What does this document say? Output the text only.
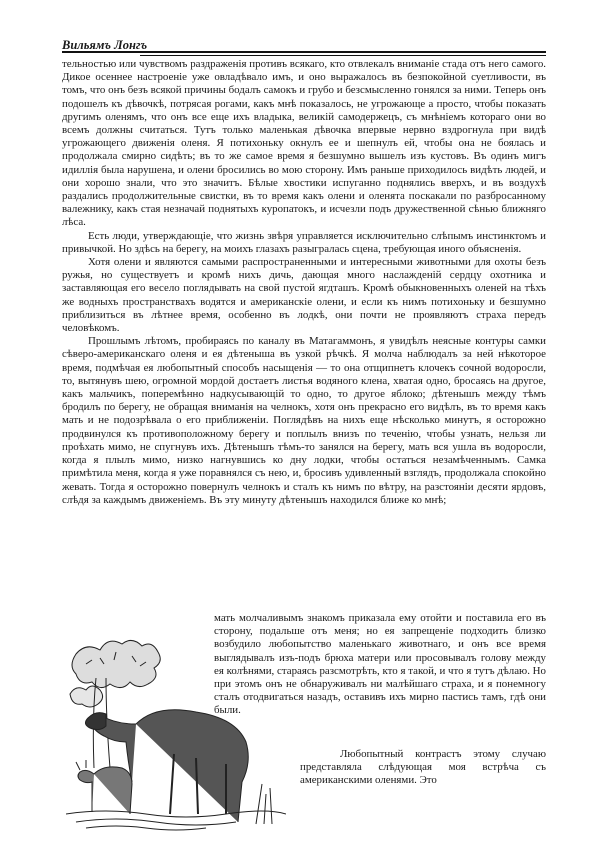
Вильямъ Лонгъ

тельностью или чувствомъ раздраженія противъ всякаго, кто отвлекалъ вниманіе стада отъ него самого. Дикое осеннее настроеніе уже овладѣвало имъ, и оно выражалось въ безпокойной суетливости, въ томъ, что онъ безъ всякой причины бодалъ самокъ и грубо и безсмысленно гонялся за ними. Теперь онъ подошелъ къ дѣвочкѣ, потрясая рогами, какъ мнѣ показалось, не угрожающе а просто, чтобы показать другимъ оленямъ, что онъ все еще ихъ владыка, великій самодержецъ, съ мнѣніемъ котораго они во всемъ должны считаться. Тутъ только маленькая дѣвочка впервые нервно вздрогнула при видѣ угрожающего движенія оленя. Я потихоньку окнулъ ее и шепнулъ ей, чтобы она не боялась и продолжала смирно сидѣть; въ то же самое время я безшумно вышелъ изъ кустовъ. Въ одинъ мигъ идиллія была нарушена, и олени бросились во мою сторону. Имъ раньше приходилось видѣть людей, и они хорошо знали, что это значитъ. Бѣлые хвостики испуганно поднялись вверхъ, и въ воздухѣ раздались продолжительные свистки, въ то время какъ олени и оленята поскакали по разбросанному валежнику, какъ стая незначай поднятыхъ куропатокъ, и исчезли подъ дружественной сѣнью ближняго лѣса.

Есть люди, утверждающіе, что жизнь звѣря управляется исключительно слѣпымъ инстинктомъ и привычкой. Но здѣсь на берегу, на моихъ глазахъ разыгралась сцена, требующая иного объясненія.

Хотя олени и являются самыми распространенными и интересными животными для охоты безъ ружья, но существуетъ и кромѣ нихъ дичь, дающая много наслажденій сердцу охотника и заставляющая его весело поглядывать на свой пустой ягдташъ. Кромѣ обыкновенныхъ оленей на тѣхъ же водныхъ пространствахъ водятся и американскіе олени, и если къ нимъ потихоньку и безшумно приблизиться въ лѣтнее время, особенно въ лодкѣ, они почти не проявляютъ страха передъ человѣкомъ.

Прошлымъ лѣтомъ, пробираясь по каналу въ Матагаммонъ, я увидѣлъ неясные контуры самки сѣверо-американскаго оленя и ея дѣтеныша въ узкой рѣчкѣ. Я молча наблюдалъ за ней нѣкоторое время, подмѣчая ея любопытный способъ насыщенія — то она отщипнетъ клочекъ сочной водоросли, то, вытянувъ шею, огромной мордой достаетъ листья водяного клена, хватая одно, бросаясь на другое, какъ мальчикъ, поперемѣнно надкусывающій то одно, то другое яблоко; дѣтенышъ между тѣмъ бродилъ по берегу, не обращая вниманія на челнокъ, хотя онъ прекрасно его видѣлъ, въ то время какъ мать и не подозрѣвала о его приближеніи. Поглядѣвъ на нихъ еще нѣсколько минутъ, я осторожно продвинулся къ противоположному берегу и поплылъ внизъ по теченію, чтобы узнать, нельзя ли проѣхать мимо, не спугнувъ ихъ. Дѣтенышъ тѣмъ-то занялся на берегу, мать вся ушла въ водоросли, когда я плылъ мимо, низко нагнувшись ко дну лодки, чтобы остаться незамѣченнымъ. Самка примѣтила меня, когда я уже поравнялся съ нею, и, бросивъ удивленный взглядъ, продолжала спокойно жевать. Тогда я осторожно повернулъ челнокъ и сталъ къ нимъ по вѣтру, на разстояніи десяти ярдовъ, слѣдя за каждымъ движеніемъ. Въ эту минуту дѣтенышъ находился ближе ко мнѣ;

мать молчаливымъ знакомъ приказала ему отойти и поставила его въ сторону, подальше отъ меня; но ея запрещеніе подходить близко возбудило любопытство маленькаго животнаго, и онъ все время выглядывалъ изъ-подъ брюха матери или просовывалъ голову между ея колѣнями, стараясь разсмотрѣть, кто я такой, и что я тутъ дѣлаю. Но при этомъ онъ не обнаруживалъ ни малѣйшаго страха, и я понемногу сталъ отодвигаться назадъ, оставивъ ихъ мирно пастись тамъ, гдѣ они были.
Любопытный контрастъ этому случаю представляла слѣдующая моя встрѣча съ американскими оленями. Это
